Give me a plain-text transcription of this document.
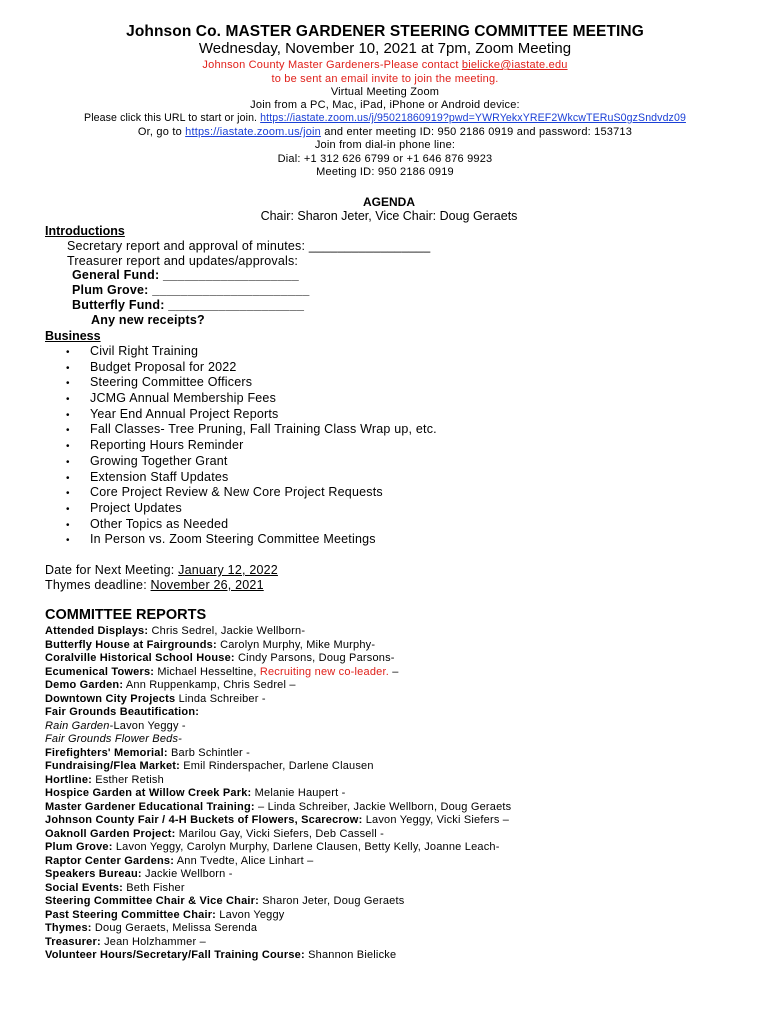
Johnson Co. MASTER GARDENER STEERING COMMITTEE MEETING
Wednesday, November 10, 2021 at 7pm, Zoom Meeting
Johnson County Master Gardeners-Please contact bielicke@iastate.edu
to be sent an email invite to join the meeting.
Virtual Meeting Zoom
Join from a PC, Mac, iPad, iPhone or Android device:
Please click this URL to start or join. https://iastate.zoom.us/j/95021860919?pwd=YWRYekxYREF2WkcwTERuS0gzSndvdz09
Or, go to https://iastate.zoom.us/join and enter meeting ID: 950 2186 0919 and password: 153713
Join from dial-in phone line:
Dial: +1 312 626 6799 or +1 646 876 9923
Meeting ID: 950 2186 0919
AGENDA
Chair: Sharon Jeter, Vice Chair: Doug Geraets
Introductions
Secretary report and approval of minutes: _________________
Treasurer report and updates/approvals:
General Fund: ___________________
Plum Grove: ______________________
Butterfly Fund: ___________________
Any new receipts?
Business
• Civil Right Training
• Budget Proposal for 2022
• Steering Committee Officers
• JCMG Annual Membership Fees
• Year End Annual Project Reports
• Fall Classes- Tree Pruning, Fall Training Class Wrap up, etc.
• Reporting Hours Reminder
• Growing Together Grant
• Extension Staff Updates
• Core Project Review & New Core Project Requests
• Project Updates
• Other Topics as Needed
• In Person vs. Zoom Steering Committee Meetings
Date for Next Meeting: January 12, 2022
Thymes deadline: November 26, 2021
COMMITTEE REPORTS
Attended Displays: Chris Sedrel, Jackie Wellborn-
Butterfly House at Fairgrounds: Carolyn Murphy, Mike Murphy-
Coralville Historical School House: Cindy Parsons, Doug Parsons-
Ecumenical Towers: Michael Hesseltine, Recruiting new co-leader. –
Demo Garden: Ann Ruppenkamp, Chris Sedrel –
Downtown City Projects Linda Schreiber -
Fair Grounds Beautification:
Rain Garden-Lavon Yeggy -
Fair Grounds Flower Beds-
Firefighters' Memorial: Barb Schintler -
Fundraising/Flea Market: Emil Rinderspacher, Darlene Clausen
Hortline: Esther Retish
Hospice Garden at Willow Creek Park: Melanie Haupert -
Master Gardener Educational Training: – Linda Schreiber, Jackie Wellborn, Doug Geraets
Johnson County Fair / 4-H Buckets of Flowers, Scarecrow: Lavon Yeggy, Vicki Siefers –
Oaknoll Garden Project: Marilou Gay, Vicki Siefers, Deb Cassell -
Plum Grove: Lavon Yeggy, Carolyn Murphy, Darlene Clausen, Betty Kelly, Joanne Leach-
Raptor Center Gardens: Ann Tvedte, Alice Linhart –
Speakers Bureau: Jackie Wellborn -
Social Events: Beth Fisher
Steering Committee Chair & Vice Chair: Sharon Jeter, Doug Geraets
Past Steering Committee Chair: Lavon Yeggy
Thymes: Doug Geraets, Melissa Serenda
Treasurer: Jean Holzhammer –
Volunteer Hours/Secretary/Fall Training Course: Shannon Bielicke
